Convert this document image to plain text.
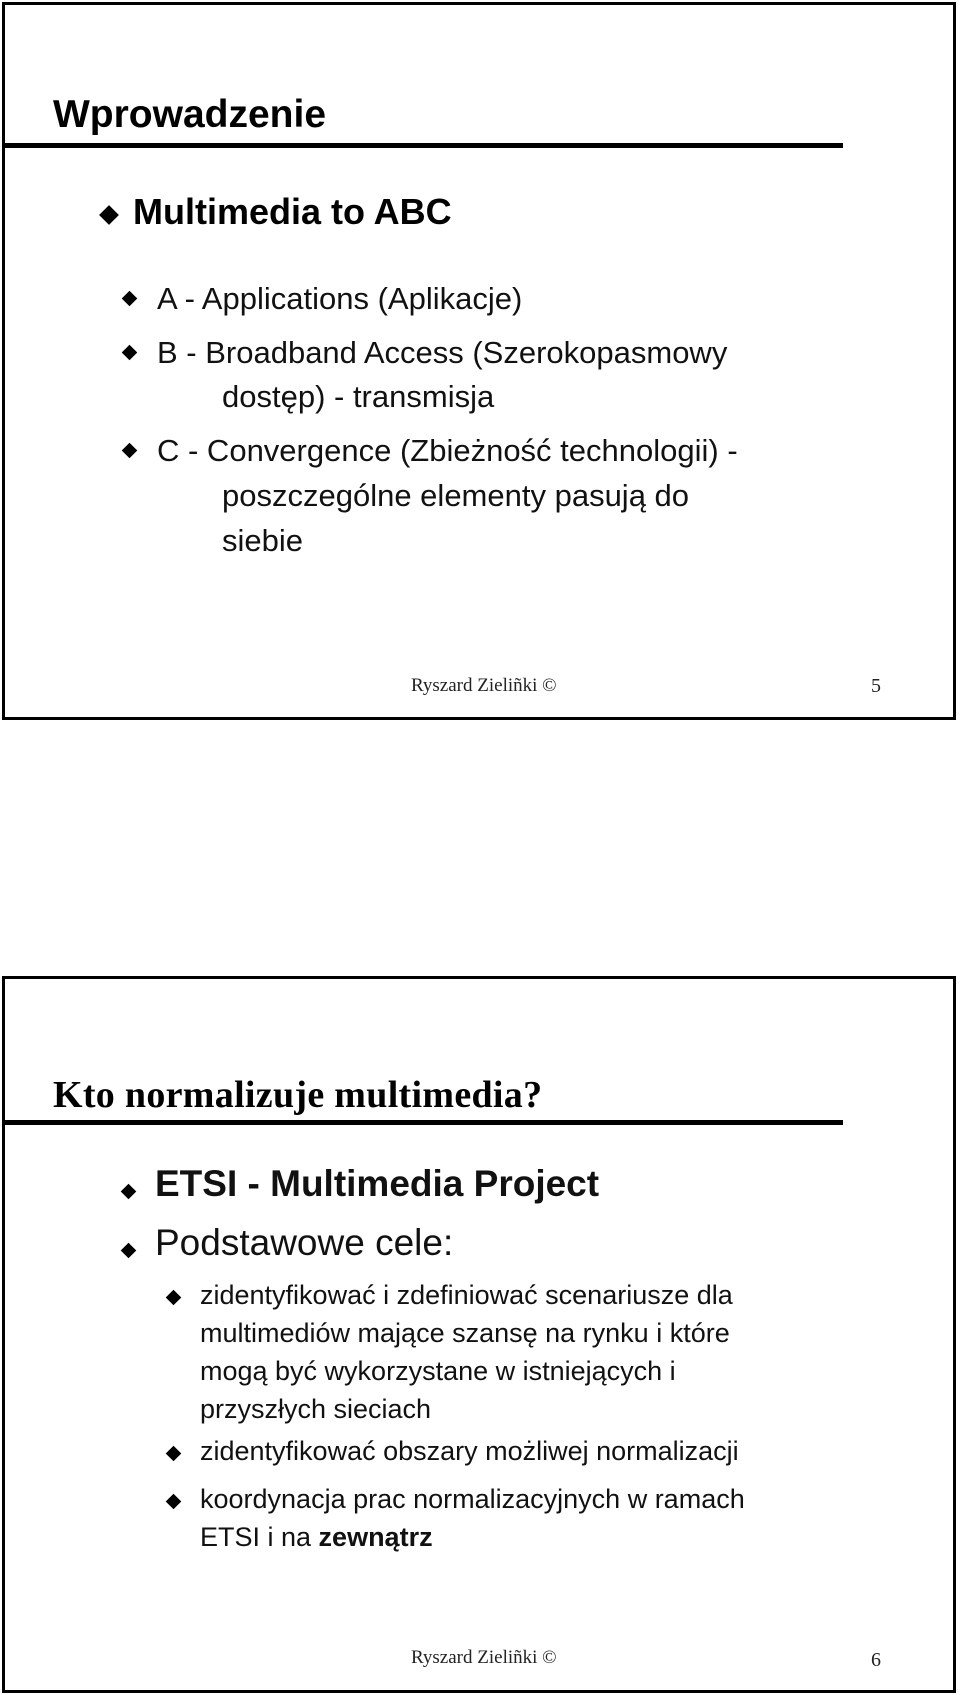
Wprowadzenie
Multimedia to ABC
A - Applications (Aplikacje)
B - Broadband Access (Szerokopasmowy
dostęp) - transmisja
C - Convergence (Zbieżność technologii) -
poszczególne elementy pasują do
siebie
Ryszard Zieliñki ©	5
Kto normalizuje multimedia?
ETSI - Multimedia Project
Podstawowe cele:
zidentyfikować i zdefiniować scenariusze dla
multimediów mające szansę na rynku i które
mogą być wykorzystane w istniejących i
przyszłych sieciach
zidentyfikować obszary możliwej normalizacji
koordynacja prac normalizacyjnych w ramach
ETSI i na zewnątrz
Ryszard Zieliñki ©	6
